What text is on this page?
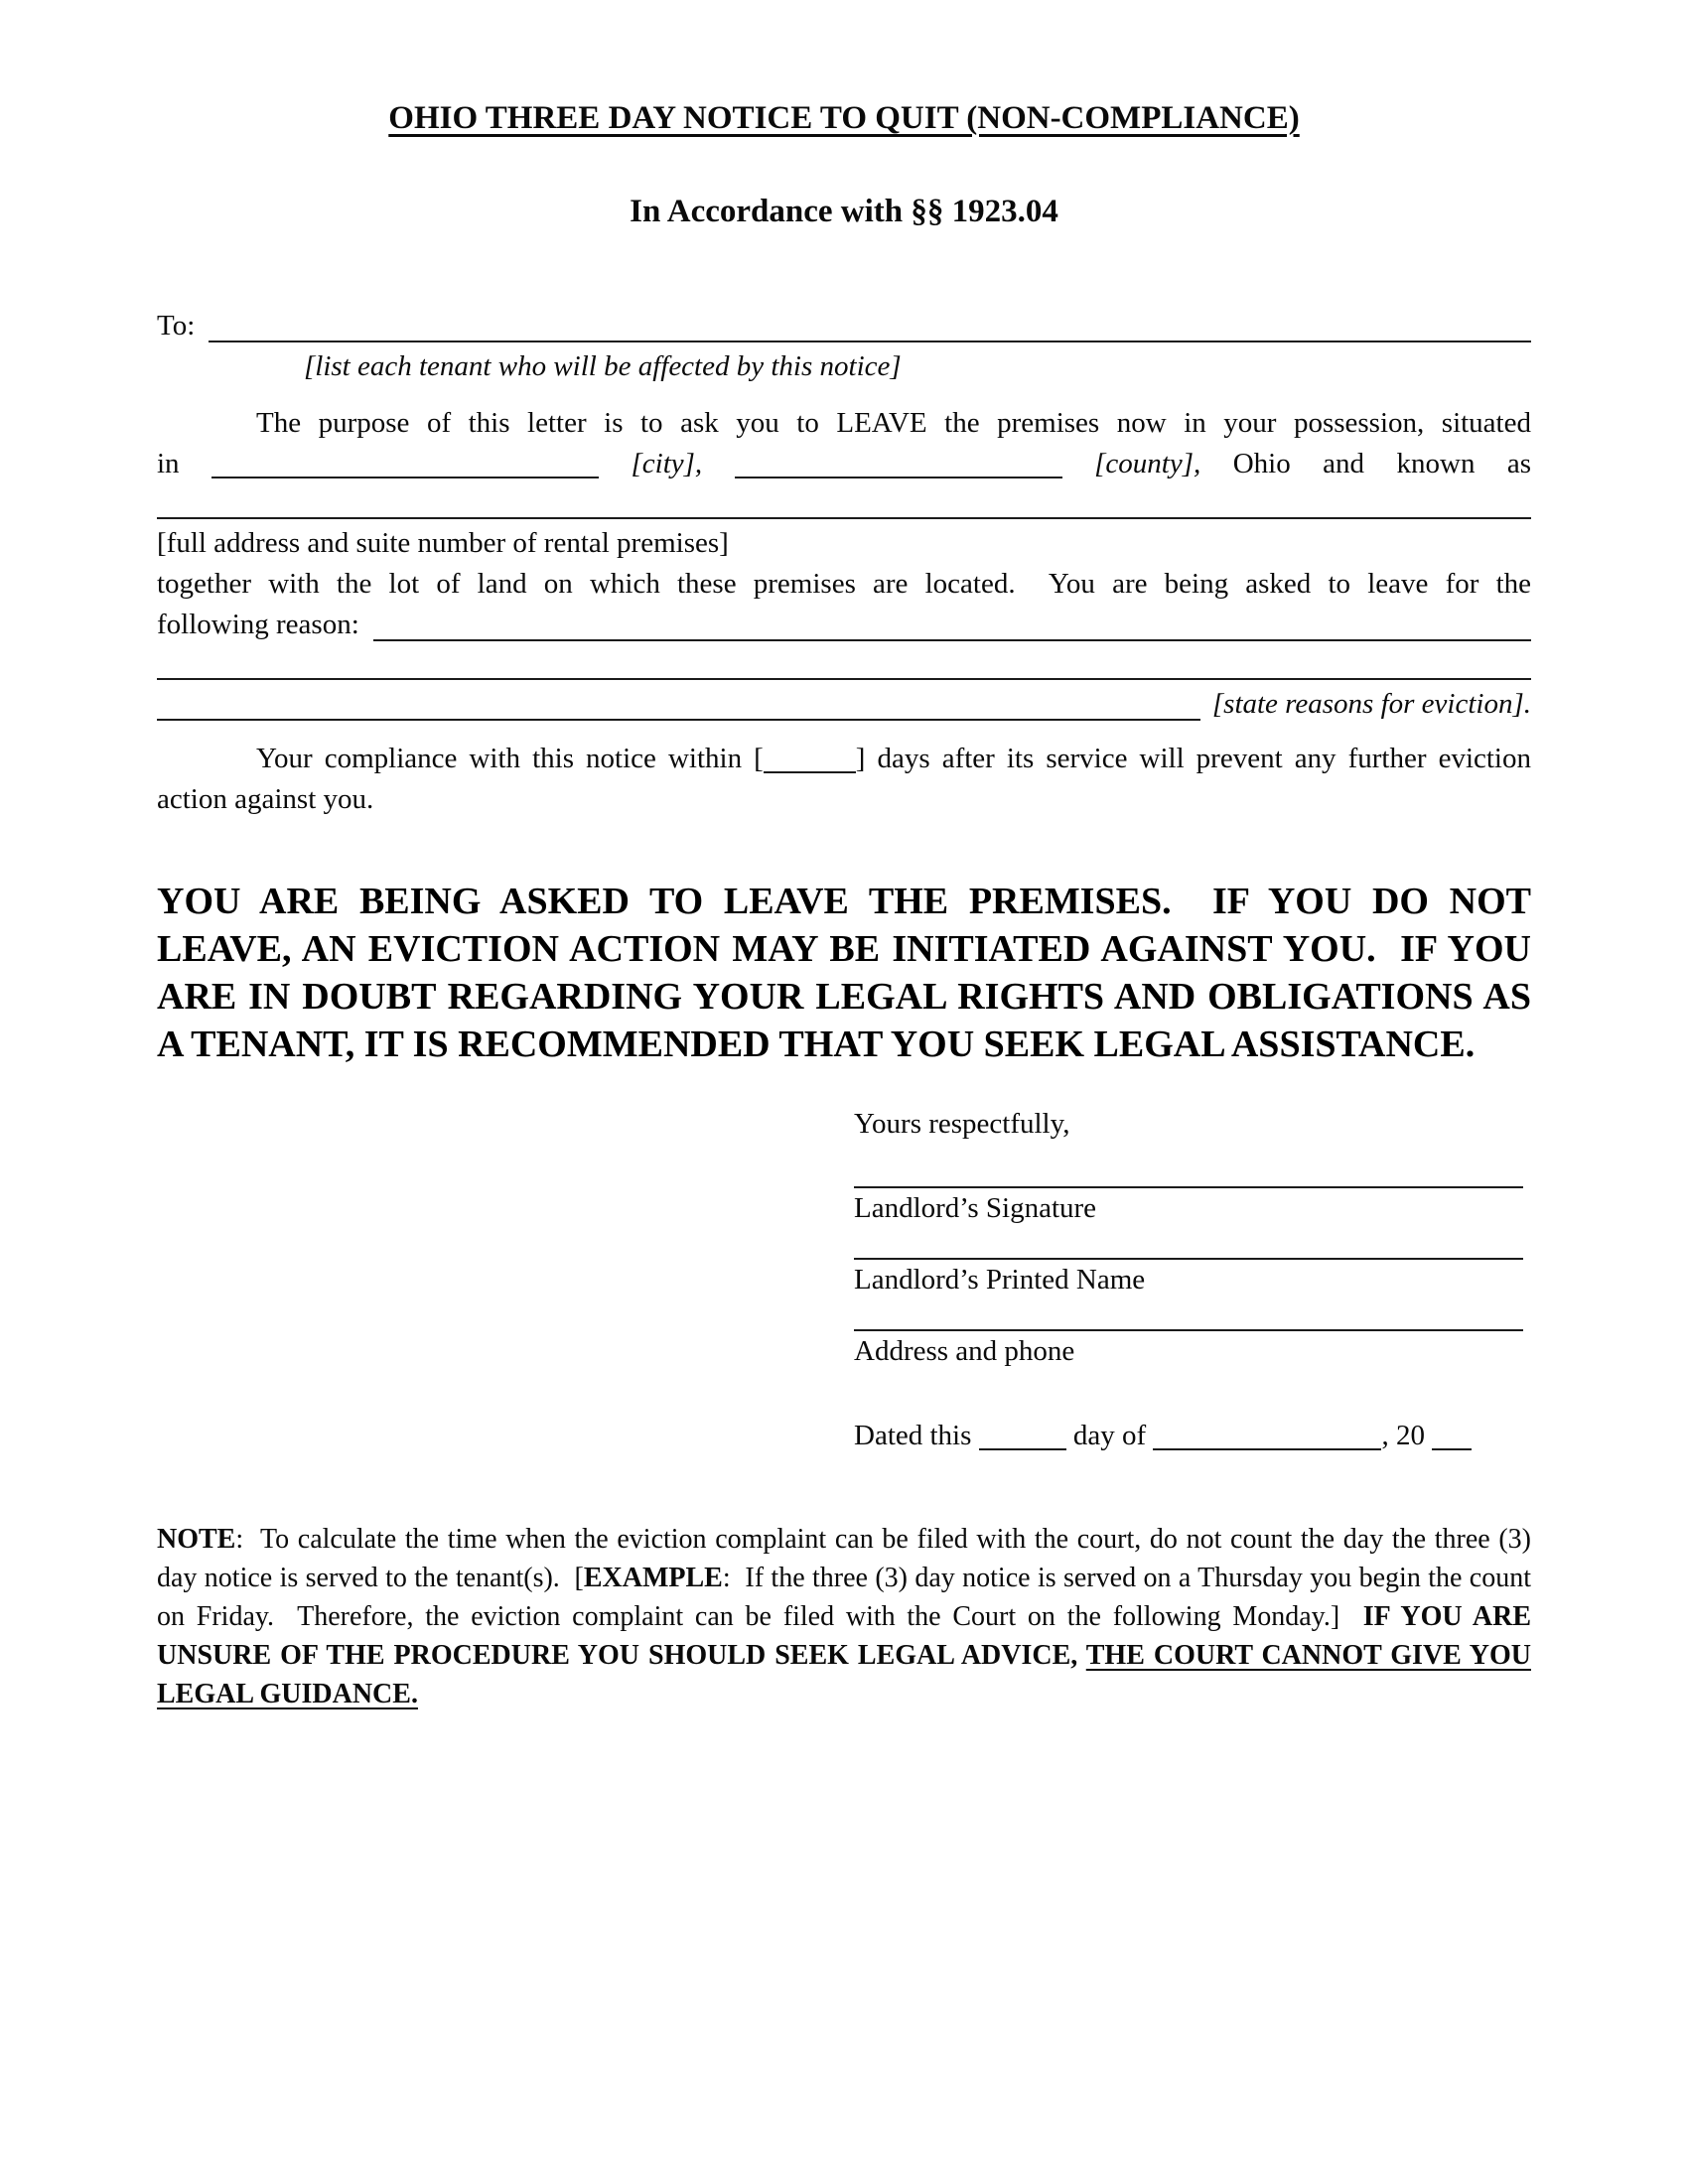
OHIO THREE DAY NOTICE TO QUIT (NON-COMPLIANCE)
In Accordance with §§ 1923.04
To:
[list each tenant who will be affected by this notice]
The purpose of this letter is to ask you to LEAVE the premises now in your possession, situated
in	[city],	[county], Ohio and known as
[full address and suite number of rental premises]
together with the lot of land on which these premises are located.  You are being asked to leave for the
following reason:
[state reasons for eviction].

Your compliance with this notice within [	] days after its service will prevent any further eviction action against you.

YOU ARE BEING ASKED TO LEAVE THE PREMISES.  IF YOU DO NOT LEAVE, AN EVICTION ACTION MAY BE INITIATED AGAINST YOU.  IF YOU ARE IN DOUBT REGARDING YOUR LEGAL RIGHTS AND OBLIGATIONS AS A TENANT, IT IS RECOMMENDED THAT YOU SEEK LEGAL ASSISTANCE.

Yours respectfully,
Landlord’s Signature
Landlord’s Printed Name
Address and phone
Dated this	day of	, 20

NOTE:  To calculate the time when the eviction complaint can be filed with the court, do not count the day the three (3) day notice is served to the tenant(s).  [EXAMPLE:  If the three (3) day notice is served on a Thursday you begin the count on Friday.  Therefore, the eviction complaint can be filed with the Court on the following Monday.]  IF YOU ARE UNSURE OF THE PROCEDURE YOU SHOULD SEEK LEGAL ADVICE, THE COURT CANNOT GIVE YOU LEGAL GUIDANCE.
